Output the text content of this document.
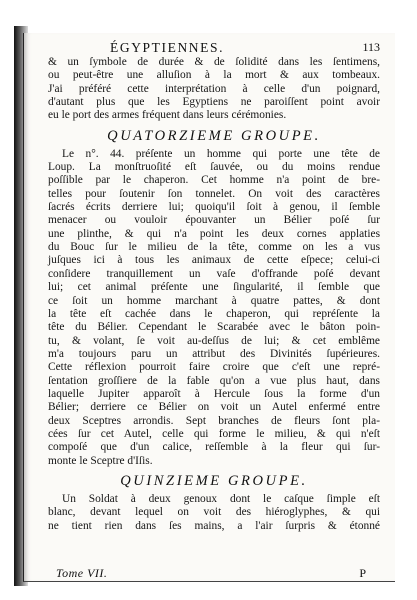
ÉGYPTIENNES.	113
& un ſymbole de durée & de ſolidité dans les ſentimens,
ou peut-être une alluſion à la mort & aux tombeaux.
J'ai préféré cette interprétation à celle d'un poignard,
d'autant plus que les Egyptiens ne paroiſſent point avoir
eu le port des armes fréquent dans leurs cérémonies.
QUATORZIEME GROUPE.
Le n°. 44. préſente un homme qui porte une tête de
Loup. La monſtruoſité eſt ſauvée, ou du moins rendue
poſſible par le chaperon. Cet homme n'a point de bre-
telles pour ſoutenir ſon tonnelet. On voit des caractères
ſacrés écrits derriere lui; quoiqu'il ſoit à genou, il ſemble
menacer ou vouloir épouvanter un Bélier poſé ſur
une plinthe, & qui n'a point les deux cornes applaties
du Bouc ſur le milieu de la tête, comme on les a vus
juſques ici à tous les animaux de cette eſpece; celui-ci
conſidere tranquillement un vaſe d'offrande poſé devant
lui; cet animal préſente une ſingularité, il ſemble que
ce ſoit un homme marchant à quatre pattes, & dont
la tête eſt cachée dans le chaperon, qui repréſente la
tête du Bélier. Cependant le Scarabée avec le bâton poin-
tu, & volant, ſe voit au-deſſus de lui; & cet emblême
m'a toujours paru un attribut des Divinités ſupérieures.
Cette réflexion pourroit faire croire que c'eſt une repré-
ſentation groſſiere de la fable qu'on a vue plus haut, dans
laquelle Jupiter apparoît à Hercule ſous la forme d'un
Bélier; derriere ce Bélier on voit un Autel enfermé entre
deux Sceptres arrondis. Sept branches de fleurs ſont pla-
cées ſur cet Autel, celle qui forme le milieu, & qui n'eſt
compoſé que d'un calice, reſſemble à la fleur qui ſur-
monte le Sceptre d'Iſis.
QUINZIEME GROUPE.
Un Soldat à deux genoux dont le caſque ſimple eſt
blanc, devant lequel on voit des hiéroglyphes, & qui
ne tient rien dans ſes mains, a l'air ſurpris & étonné
Tome VII.	P
